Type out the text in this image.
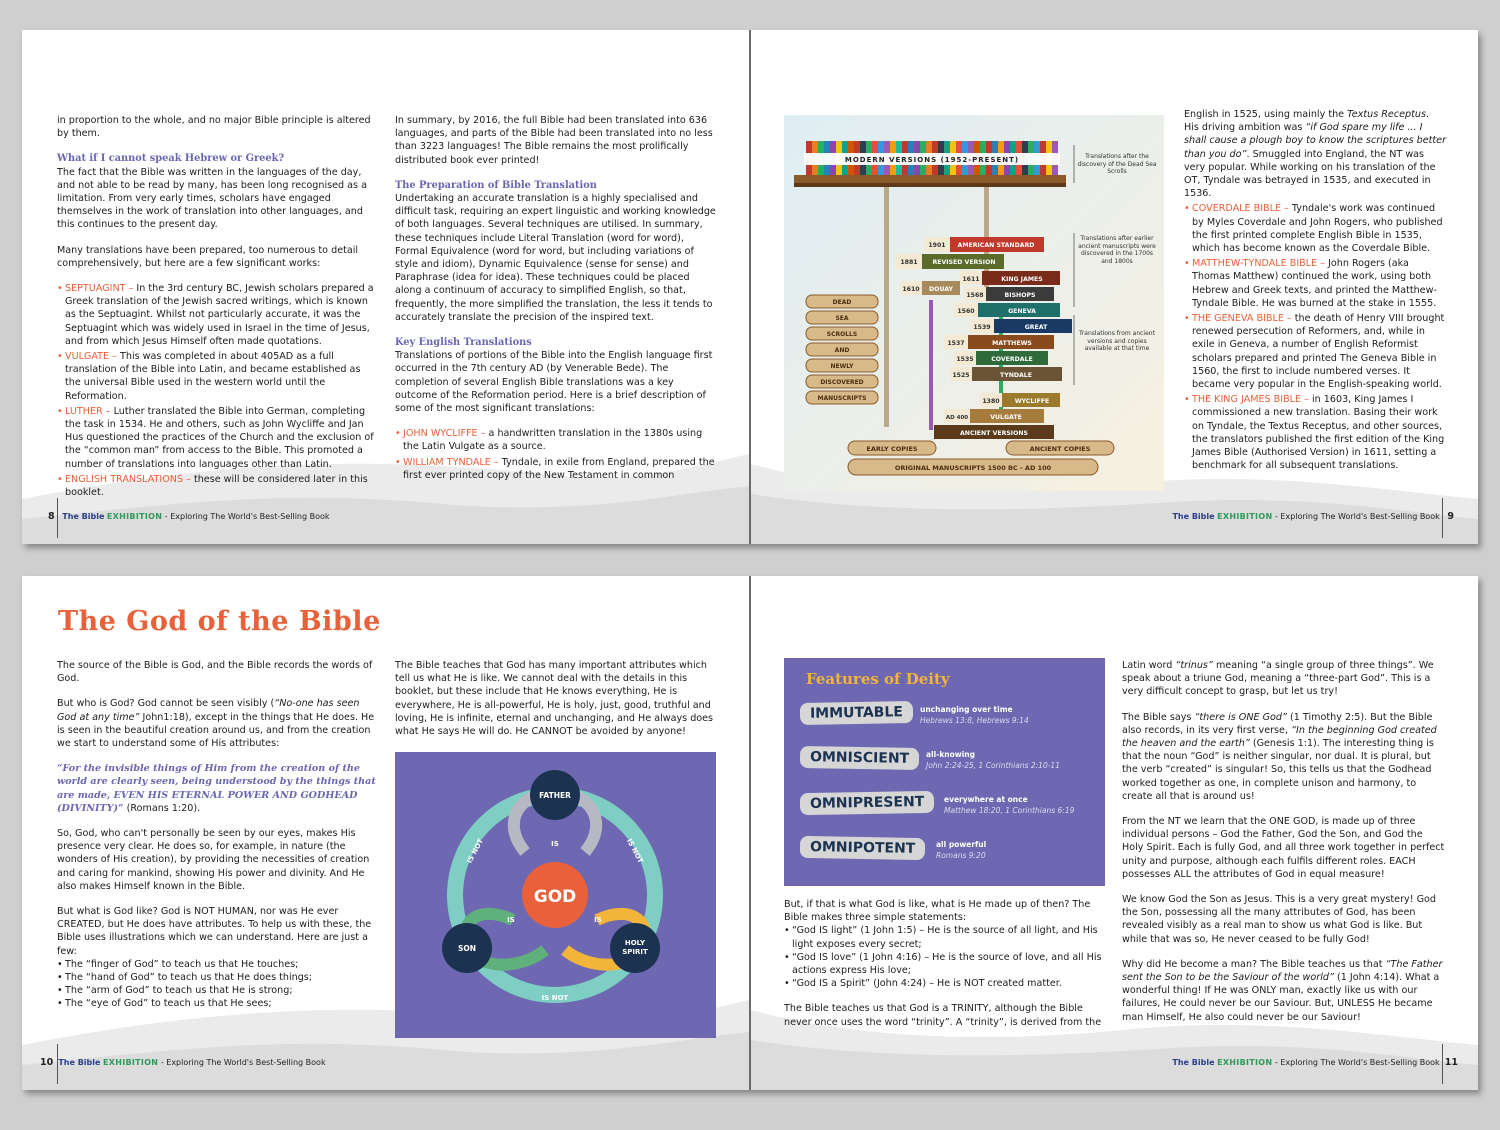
in proportion to the whole, and no major Bible principle is altered by them.

What if I cannot speak Hebrew or Greek?

The fact that the Bible was written in the languages of the day, and not able to be read by many, has been long recognised as a limitation. From very early times, scholars have engaged themselves in the work of translation into other languages, and this continues to the present day.

Many translations have been prepared, too numerous to detail comprehensively, but here are a few significant works:

• SEPTUAGINT – In the 3rd century BC, Jewish scholars prepared a Greek translation of the Jewish sacred writings, which is known as the Septuagint. Whilst not particularly accurate, it was the Septuagint which was widely used in Israel in the time of Jesus, and from which Jesus Himself often made quotations.
• VULGATE – This was completed in about 405AD as a full translation of the Bible into Latin, and became established as the universal Bible used in the western world until the Reformation.
• LUTHER – Luther translated the Bible into German, completing the task in 1534. He and others, such as John Wycliffe and Jan Hus questioned the practices of the Church and the exclusion of the “common man” from access to the Bible. This promoted a number of translations into languages other than Latin.
• ENGLISH TRANSLATIONS – these will be considered later in this booklet.

In summary, by 2016, the full Bible had been translated into 636 languages, and parts of the Bible had been translated into no less than 3223 languages! The Bible remains the most prolifically distributed book ever printed!

The Preparation of Bible Translation

Undertaking an accurate translation is a highly specialised and difficult task, requiring an expert linguistic and working knowledge of both languages. Several techniques are utilised. In summary, these techniques include Literal Translation (word for word), Formal Equivalence (word for word, but including variations of style and idiom), Dynamic Equivalence (sense for sense) and Paraphrase (idea for idea). These techniques could be placed along a continuum of accuracy to simplified English, so that, frequently, the more simplified the translation, the less it tends to accurately translate the precision of the inspired text.

Key English Translations

Translations of portions of the Bible into the English language first occurred in the 7th century AD (by Venerable Bede). The completion of several English Bible translations was a key outcome of the Reformation period. Here is a brief description of some of the most significant translations:

• JOHN WYCLIFFE – a handwritten translation in the 1380s using the Latin Vulgate as a source.
• WILLIAM TYNDALE – Tyndale, in exile from England, prepared the first ever printed copy of the New Testament in common
MODERN VERSIONS (1952-PRESENT)	Translations after the discovery of the Dead Sea Scrolls
Translations after earlier ancient manuscripts were discovered in the 1700s and 1800s
Translations from ancient versions and copies available at that time
DEAD
SEA
SCROLLS
AND
NEWLY
DISCOVERED
MANUSCRIPTS
1901 AMERICAN STANDARD
1881 REVISED VERSION
1611	KING JAMES
1610 DOUAY
1568	BISHOPS
1560	GENEVA
1539	GREAT
1537	MATTHEWS
1535	COVERDALE
1525	TYNDALE
1380 WYCLIFFE
AD 400	VULGATE
ANCIENT VERSIONS
EARLY COPIES	ANCIENT COPIES
ORIGINAL MANUSCRIPTS 1500 BC - AD 100

English in 1525, using mainly the Textus Receptus. His driving ambition was “if God spare my life ... I shall cause a plough boy to know the scriptures better than you do”. Smuggled into England, the NT was very popular. While working on his translation of the OT, Tyndale was betrayed in 1535, and executed in 1536.

• COVERDALE BIBLE – Tyndale's work was continued by Myles Coverdale and John Rogers, who published the first printed complete English Bible in 1535, which has become known as the Coverdale Bible.
• MATTHEW-TYNDALE BIBLE – John Rogers (aka Thomas Matthew) continued the work, using both Hebrew and Greek texts, and printed the Matthew-Tyndale Bible. He was burned at the stake in 1555.
• THE GENEVA BIBLE – the death of Henry VIII brought renewed persecution of Reformers, and, while in exile in Geneva, a number of English Reformist scholars prepared and printed The Geneva Bible in 1560, the first to include numbered verses. It became very popular in the English-speaking world.
• THE KING JAMES BIBLE – in 1603, King James I commissioned a new translation. Basing their work on Tyndale, the Textus Receptus, and other sources, the translators published the first edition of the King James Bible (Authorised Version) in 1611, setting a benchmark for all subsequent translations.
8 The Bible EXHIBITION - Exploring The World's Best-Selling Book	The Bible EXHIBITION - Exploring The World's Best-Selling Book 9
The God of the Bible

The source of the Bible is God, and the Bible records the words of God.

But who is God? God cannot be seen visibly (“No-one has seen God at any time” John1:18), except in the things that He does. He is seen in the beautiful creation around us, and from the creation we start to understand some of His attributes:

“For the invisible things of Him from the creation of the world are clearly seen, being understood by the things that are made, EVEN HIS ETERNAL POWER AND GODHEAD (DIVINITY)” (Romans 1:20).

So, God, who can't personally be seen by our eyes, makes His presence very clear. He does so, for example, in nature (the wonders of His creation), by providing the necessities of creation and caring for mankind, showing His power and divinity. And He also makes Himself known in the Bible.

But what is God like? God is NOT HUMAN, nor was He ever CREATED, but He does have attributes. To help us with these, the Bible uses illustrations which we can understand. Here are just a few:

• The “finger of God” to teach us that He touches;
• The “hand of God” to teach us that He does things;
• The “arm of God” to teach us that He is strong;
• The “eye of God” to teach us that He sees;

The Bible teaches that God has many important attributes which tell us what He is like. We cannot deal with the details in this booklet, but these include that He knows everything, He is everywhere, He is all-powerful, He is holy, just, good, truthful and loving, He is infinite, eternal and unchanging, and He always does what He says He will do. He CANNOT be avoided by anyone!

GOD
FATHER
SON
HOLY
SPIRIT
IS
IS	IS
IS NOT
IS NOT	IS NOT
Features of Deity
IMMUTABLE unchanging over time
Hebrews 13:8, Hebrews 9:14
OMNISCIENT all-knowing
John 2:24-25, 1 Corinthians 2:10-11
OMNIPRESENT	everywhere at once
Matthew 18:20, 1 Corinthians 6:19
OMNIPOTENT	all powerful
Romans 9:20

But, if that is what God is like, what is He made up of then? The Bible makes three simple statements:

• “God IS light” (1 John 1:5) – He is the source of all light, and His light exposes every secret;
• “God IS love” (1 John 4:16) – He is the source of love, and all His actions express His love;
• “God IS a Spirit” (John 4:24) – He is NOT created matter.

The Bible teaches us that God is a TRINITY, although the Bible never once uses the word “trinity”. A “trinity”, is derived from the

Latin word “trinus” meaning “a single group of three things”. We speak about a triune God, meaning a “three-part God”. This is a very difficult concept to grasp, but let us try!

The Bible says “there is ONE God” (1 Timothy 2:5). But the Bible also records, in its very first verse, “In the beginning God created the heaven and the earth” (Genesis 1:1). The interesting thing is that the noun “God” is neither singular, nor dual. It is plural, but the verb “created” is singular! So, this tells us that the Godhead worked together as one, in complete unison and harmony, to create all that is around us!

From the NT we learn that the ONE GOD, is made up of three individual persons – God the Father, God the Son, and God the Holy Spirit. Each is fully God, and all three work together in perfect unity and purpose, although each fulfils different roles. EACH possesses ALL the attributes of God in equal measure!

We know God the Son as Jesus. This is a very great mystery! God the Son, possessing all the many attributes of God, has been revealed visibly as a real man to show us what God is like. But while that was so, He never ceased to be fully God!

Why did He become a man? The Bible teaches us that “The Father sent the Son to be the Saviour of the world” (1 John 4:14). What a wonderful thing! If He was ONLY man, exactly like us with our failures, He could never be our Saviour. But, UNLESS He became man Himself, He also could never be our Saviour!

10 The Bible EXHIBITION - Exploring The World's Best-Selling Book	The Bible EXHIBITION - Exploring The World's Best-Selling Book 11
